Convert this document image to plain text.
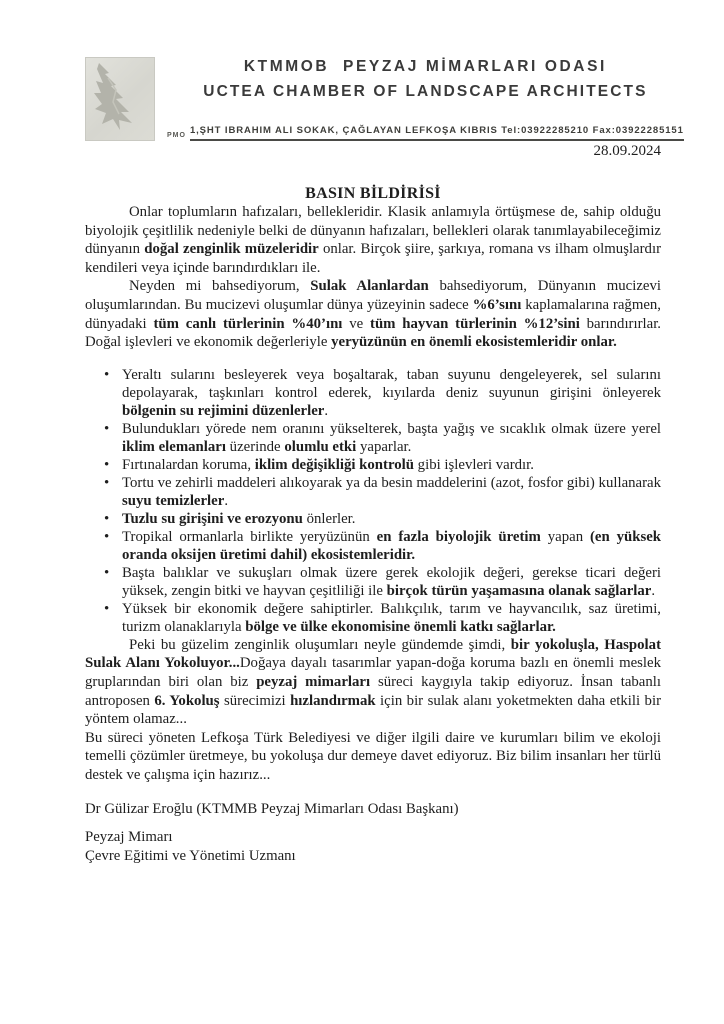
KTMMOB  PEYZAJ MİMARLARI ODASI
UCTEA CHAMBER OF LANDSCAPE ARCHITECTS
PMO 1,ŞHT IBRAHIM ALI SOKAK, ÇAĞLAYAN LEFKOŞA KIBRIS Tel:03922285210 Fax:03922285151
28.09.2024
BASIN BİLDİRİSİ

Onlar toplumların hafızaları, bellekleridir. Klasik anlamıyla örtüşmese de, sahip olduğu biyolojik çeşitlilik nedeniyle belki de dünyanın hafızaları, bellekleri olarak tanımlayabileceğimiz dünyanın doğal zenginlik müzeleridir onlar. Birçok şiire, şarkıya, romana vs ilham olmuşlardır kendileri veya içinde barındırdıkları ile.

Neyden mi bahsediyorum, Sulak Alanlardan bahsediyorum, Dünyanın mucizevi oluşumlarından. Bu mucizevi oluşumlar dünya yüzeyinin sadece %6’sını kaplamalarına rağmen, dünyadaki tüm canlı türlerinin %40’ını ve tüm hayvan türlerinin %12’sini barındırırlar. Doğal işlevleri ve ekonomik değerleriyle yeryüzünün en önemli ekosistemleridir onlar.

• Yeraltı sularını besleyerek veya boşaltarak, taban suyunu dengeleyerek, sel sularını depolayarak, taşkınları kontrol ederek, kıyılarda deniz suyunun girişini önleyerek bölgenin su rejimini düzenlerler.
• Bulundukları yörede nem oranını yükselterek, başta yağış ve sıcaklık olmak üzere yerel iklim elemanları üzerinde olumlu etki yaparlar.
• Fırtınalardan koruma, iklim değişikliği kontrolü gibi işlevleri vardır.
• Tortu ve zehirli maddeleri alıkoyarak ya da besin maddelerini (azot, fosfor gibi) kullanarak suyu temizlerler.
• Tuzlu su girişini ve erozyonu önlerler.
• Tropikal ormanlarla birlikte yeryüzünün en fazla biyolojik üretim yapan (en yüksek oranda oksijen üretimi dahil) ekosistemleridir.
• Başta balıklar ve sukuşları olmak üzere gerek ekolojik değeri, gerekse ticari değeri yüksek, zengin bitki ve hayvan çeşitliliği ile birçok türün yaşamasına olanak sağlarlar.
• Yüksek bir ekonomik değere sahiptirler. Balıkçılık, tarım ve hayvancılık, saz üretimi, turizm olanaklarıyla bölge ve ülke ekonomisine önemli katkı sağlarlar.

Peki bu güzelim zenginlik oluşumları neyle gündemde şimdi, bir yokoluşla, Haspolat Sulak Alanı Yokoluyor...Doğaya dayalı tasarımlar yapan-doğa koruma bazlı en önemli meslek gruplarından biri olan biz peyzaj mimarları süreci kaygıyla takip ediyoruz. İnsan tabanlı antroposen 6. Yokoluş sürecimizi hızlandırmak için bir sulak alanı yoketmekten daha etkili bir yöntem olamaz...

Bu süreci yöneten Lefkoşa Türk Belediyesi ve diğer ilgili daire ve kurumları bilim ve ekoloji temelli çözümler üretmeye, bu yokoluşa dur demeye davet ediyoruz. Biz bilim insanları her türlü destek ve çalışma için hazırız...

Dr Gülizar Eroğlu (KTMMB Peyzaj Mimarları Odası Başkanı)
Peyzaj Mimarı
Çevre Eğitimi ve Yönetimi Uzmanı
